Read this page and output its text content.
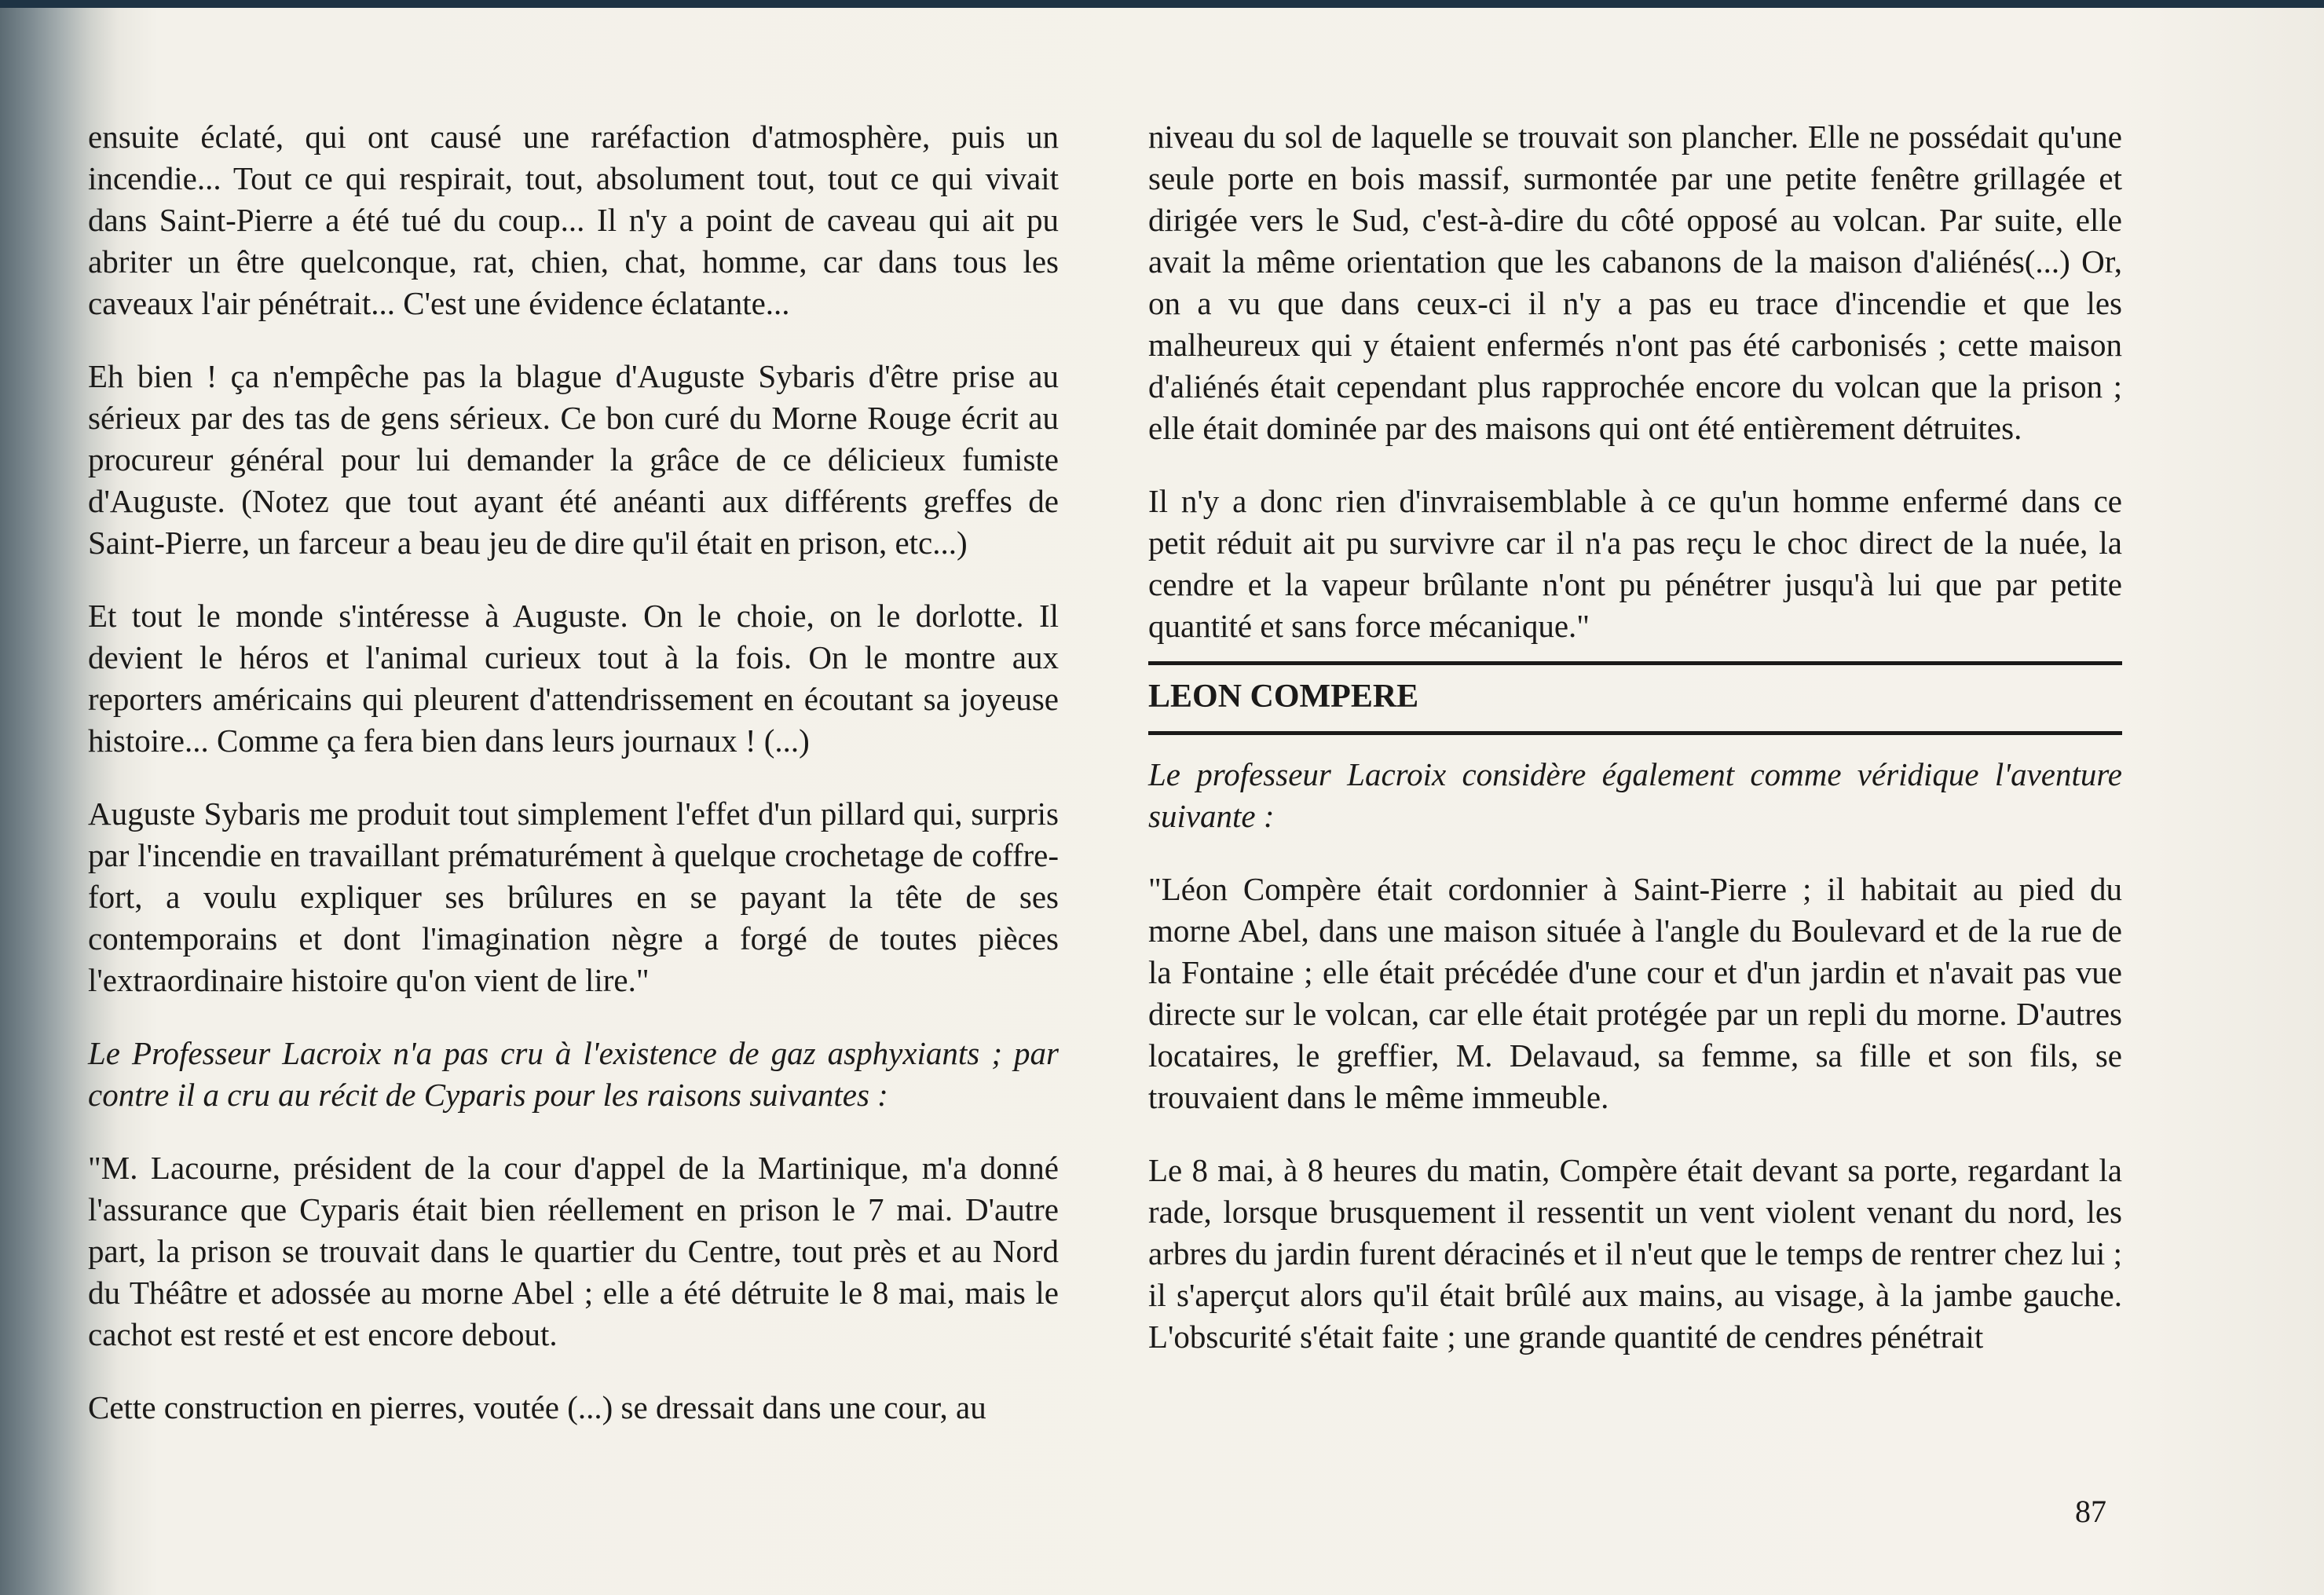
ensuite éclaté, qui ont causé une raréfaction d'atmosphère, puis un incendie... Tout ce qui respirait, tout, absolument tout, tout ce qui vivait dans Saint-Pierre a été tué du coup... Il n'y a point de caveau qui ait pu abriter un être quelconque, rat, chien, chat, homme, car dans tous les caveaux l'air pénétrait... C'est une évidence éclatante...

Eh bien ! ça n'empêche pas la blague d'Auguste Sybaris d'être prise au sérieux par des tas de gens sérieux. Ce bon curé du Morne Rouge écrit au procureur général pour lui demander la grâce de ce délicieux fumiste d'Auguste. (Notez que tout ayant été anéanti aux différents greffes de Saint-Pierre, un farceur a beau jeu de dire qu'il était en prison, etc...)

Et tout le monde s'intéresse à Auguste. On le choie, on le dorlotte. Il devient le héros et l'animal curieux tout à la fois. On le montre aux reporters américains qui pleurent d'attendrissement en écoutant sa joyeuse histoire... Comme ça fera bien dans leurs journaux ! (...)

Auguste Sybaris me produit tout simplement l'effet d'un pillard qui, surpris par l'incendie en travaillant prématurément à quelque crochetage de coffre-fort, a voulu expliquer ses brûlures en se payant la tête de ses contemporains et dont l'imagination nègre a forgé de toutes pièces l'extraordinaire histoire qu'on vient de lire."

Le Professeur Lacroix n'a pas cru à l'existence de gaz asphyxiants ; par contre il a cru au récit de Cyparis pour les raisons suivantes :

"M. Lacourne, président de la cour d'appel de la Martinique, m'a donné l'assurance que Cyparis était bien réellement en prison le 7 mai. D'autre part, la prison se trouvait dans le quartier du Centre, tout près et au Nord du Théâtre et adossée au morne Abel ; elle a été détruite le 8 mai, mais le cachot est resté et est encore debout.

Cette construction en pierres, voutée (...) se dressait dans une cour, au

niveau du sol de laquelle se trouvait son plancher. Elle ne possédait qu'une seule porte en bois massif, surmontée par une petite fenêtre grillagée et dirigée vers le Sud, c'est-à-dire du côté opposé au volcan. Par suite, elle avait la même orientation que les cabanons de la maison d'aliénés(...) Or, on a vu que dans ceux-ci il n'y a pas eu trace d'incendie et que les malheureux qui y étaient enfermés n'ont pas été carbonisés ; cette maison d'aliénés était cependant plus rapprochée encore du volcan que la prison ; elle était dominée par des maisons qui ont été entièrement détruites.

Il n'y a donc rien d'invraisemblable à ce qu'un homme enfermé dans ce petit réduit ait pu survivre car il n'a pas reçu le choc direct de la nuée, la cendre et la vapeur brûlante n'ont pu pénétrer jusqu'à lui que par petite quantité et sans force mécanique."

LEON COMPERE

Le professeur Lacroix considère également comme véridique l'aventure suivante :

"Léon Compère était cordonnier à Saint-Pierre ; il habitait au pied du morne Abel, dans une maison située à l'angle du Boulevard et de la rue de la Fontaine ; elle était précédée d'une cour et d'un jardin et n'avait pas vue directe sur le volcan, car elle était protégée par un repli du morne. D'autres locataires, le greffier, M. Delavaud, sa femme, sa fille et son fils, se trouvaient dans le même immeuble.

Le 8 mai, à 8 heures du matin, Compère était devant sa porte, regardant la rade, lorsque brusquement il ressentit un vent violent venant du nord, les arbres du jardin furent déracinés et il n'eut que le temps de rentrer chez lui ; il s'aperçut alors qu'il était brûlé aux mains, au visage, à la jambe gauche. L'obscurité s'était faite ; une grande quantité de cendres pénétrait

87
